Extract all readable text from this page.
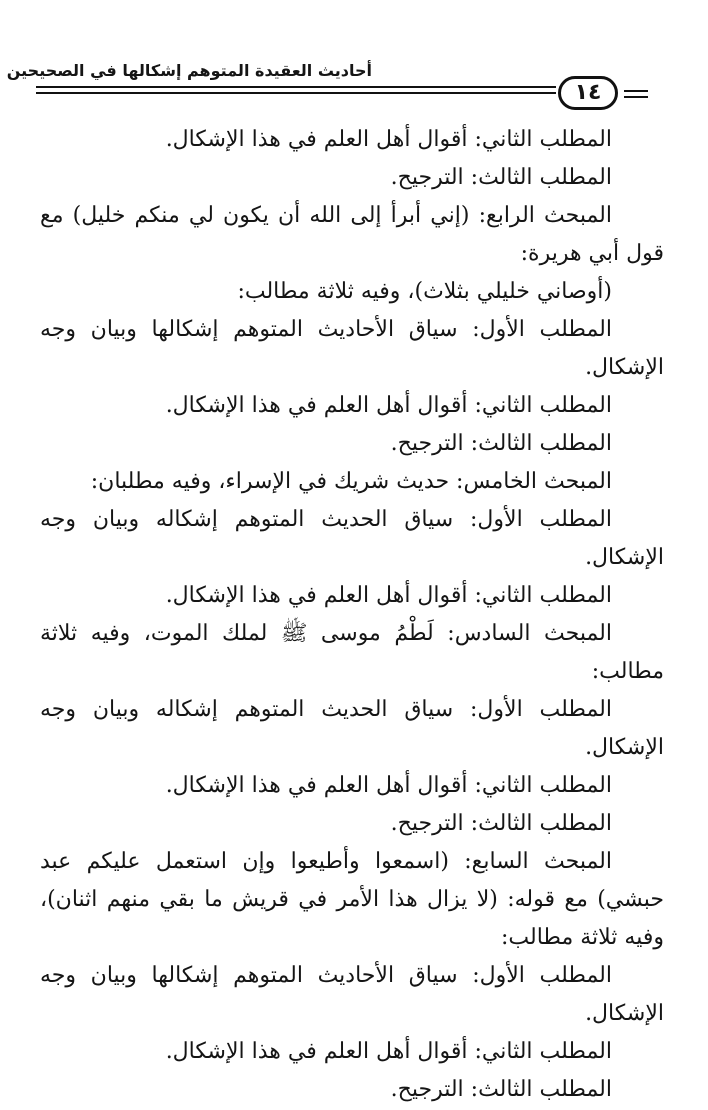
أحاديث العقيدة المتوهم إشكالها في الصحيحين
١٤

المطلب الثاني: أقوال أهل العلم في هذا الإشكال.

المطلب الثالث: الترجيح.

المبحث الرابع: (إني أبرأ إلى الله أن يكون لي منكم خليل) مع قول أبي هريرة:

(أوصاني خليلي بثلاث)، وفيه ثلاثة مطالب:

المطلب الأول: سياق الأحاديث المتوهم إشكالها وبيان وجه الإشكال.

المطلب الثاني: أقوال أهل العلم في هذا الإشكال.

المطلب الثالث: الترجيح.

المبحث الخامس: حديث شريك في الإسراء، وفيه مطلبان:

المطلب الأول: سياق الحديث المتوهم إشكاله وبيان وجه الإشكال.

المطلب الثاني: أقوال أهل العلم في هذا الإشكال.

المبحث السادس: لَطْمُ موسى ﷺ لملك الموت، وفيه ثلاثة مطالب:

المطلب الأول: سياق الحديث المتوهم إشكاله وبيان وجه الإشكال.

المطلب الثاني: أقوال أهل العلم في هذا الإشكال.

المطلب الثالث: الترجيح.

المبحث السابع: (اسمعوا وأطيعوا وإن استعمل عليكم عبد حبشي) مع قوله: (لا يزال هذا الأمر في قريش ما بقي منهم اثنان)، وفيه ثلاثة مطالب:

المطلب الأول: سياق الأحاديث المتوهم إشكالها وبيان وجه الإشكال.

المطلب الثاني: أقوال أهل العلم في هذا الإشكال.

المطلب الثالث: الترجيح.
